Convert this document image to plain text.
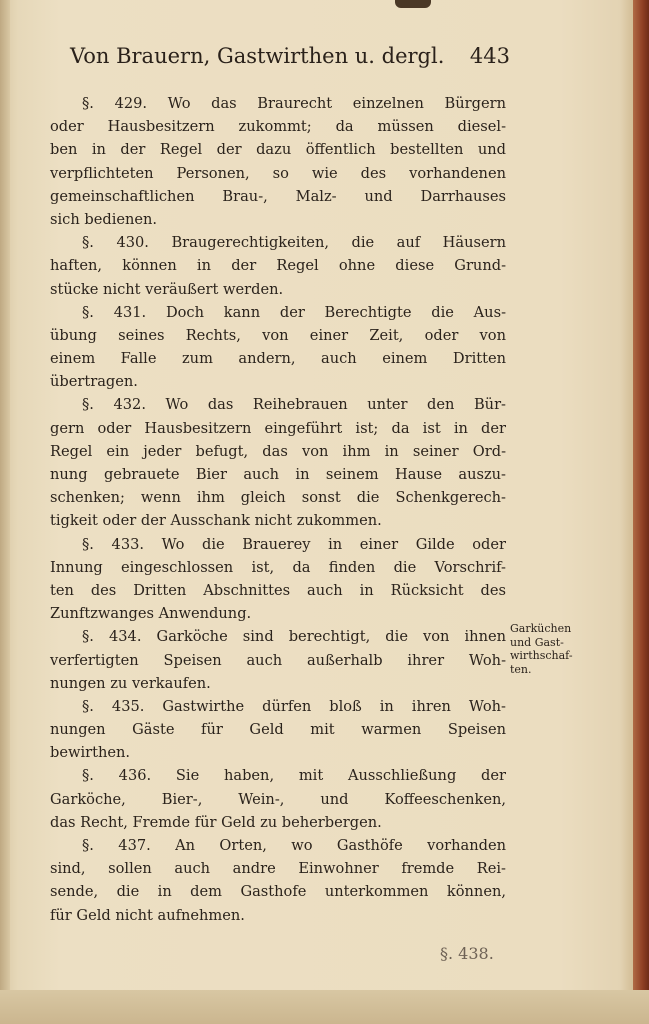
Von Brauern, Gastwirthen u. dergl. 443
§. 429. Wo das Braurecht einzelnen Bürgern
oder Hausbesitzern zukommt; da müssen diesel-
ben in der Regel der dazu öffentlich bestellten und
verpflichteten Personen, so wie des vorhandenen
gemeinschaftlichen Brau-, Malz- und Darrhauses
sich bedienen.
§. 430. Braugerechtigkeiten, die auf Häusern
haften, können in der Regel ohne diese Grund-
stücke nicht veräußert werden.
§. 431. Doch kann der Berechtigte die Aus-
übung seines Rechts, von einer Zeit, oder von
einem Falle zum andern, auch einem Dritten
übertragen.
§. 432. Wo das Reihebrauen unter den Bür-
gern oder Hausbesitzern eingeführt ist; da ist in der
Regel ein jeder befugt, das von ihm in seiner Ord-
nung gebrauete Bier auch in seinem Hause auszu-
schenken; wenn ihm gleich sonst die Schenkgerech-
tigkeit oder der Ausschank nicht zukommen.
§. 433. Wo die Brauerey in einer Gilde oder
Innung eingeschlossen ist, da finden die Vorschrif-
ten des Dritten Abschnittes auch in Rücksicht des
Zunftzwanges Anwendung.
§. 434. Garköche sind berechtigt, die von ihnen
verfertigten Speisen auch außerhalb ihrer Woh-
nungen zu verkaufen.
§. 435. Gastwirthe dürfen bloß in ihren Woh-
nungen Gäste für Geld mit warmen Speisen
bewirthen.
§. 436. Sie haben, mit Ausschließung der
Garköche, Bier-, Wein-, und Koffeeschenken,
das Recht, Fremde für Geld zu beherbergen.
§. 437. An Orten, wo Gasthöfe vorhanden
sind, sollen auch andre Einwohner fremde Rei-
sende, die in dem Gasthofe unterkommen können,
für Geld nicht aufnehmen.
Garküchen
und Gast-
wirthschaf-
ten.
§. 438.
